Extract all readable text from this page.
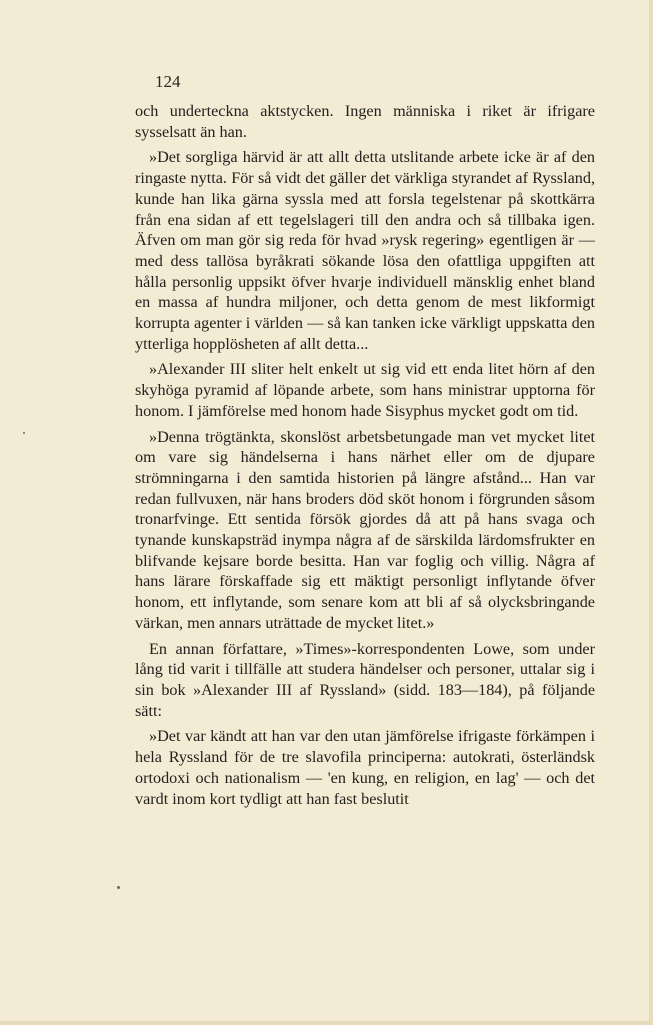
124

och underteckna aktstycken. Ingen människa i riket är ifrigare sysselsatt än han.

»Det sorgliga härvid är att allt detta utslitande arbete icke är af den ringaste nytta. För så vidt det gäller det värkliga styrandet af Ryssland, kunde han lika gärna syssla med att forsla tegelstenar på skottkärra från ena sidan af ett tegelslageri till den andra och så tillbaka igen. Äfven om man gör sig reda för hvad »rysk regering» egentligen är — med dess tallösa byråkrati sökande lösa den ofattliga uppgiften att hålla personlig uppsikt öfver hvarje individuell mänsklig enhet bland en massa af hundra miljoner, och detta genom de mest likformigt korrupta agenter i världen — så kan tanken icke värkligt uppskatta den ytterliga hopplösheten af allt detta...

»Alexander III sliter helt enkelt ut sig vid ett enda litet hörn af den skyhöga pyramid af löpande arbete, som hans ministrar upptorna för honom. I jämförelse med honom hade Sisyphus mycket godt om tid.

»Denna trögtänkta, skonslöst arbetsbetungade man vet mycket litet om vare sig händelserna i hans närhet eller om de djupare strömningarna i den samtida historien på längre afstånd... Han var redan fullvuxen, när hans broders död sköt honom i förgrunden såsom tronarfvinge. Ett sentida försök gjordes då att på hans svaga och tynande kunskapsträd inympa några af de särskilda lärdomsfrukter en blifvande kejsare borde besitta. Han var foglig och villig. Några af hans lärare förskaffade sig ett mäktigt personligt inflytande öfver honom, ett inflytande, som senare kom att bli af så olycksbringande värkan, men annars uträttade de mycket litet.»

En annan författare, »Times»-korrespondenten Lowe, som under lång tid varit i tillfälle att studera händelser och personer, uttalar sig i sin bok »Alexander III af Ryssland» (sidd. 183—184), på följande sätt:

»Det var kändt att han var den utan jämförelse ifrigaste förkämpen i hela Ryssland för de tre slavofila principerna: autokrati, österländsk ortodoxi och nationalism — 'en kung, en religion, en lag' — och det vardt inom kort tydligt att han fast beslutit
